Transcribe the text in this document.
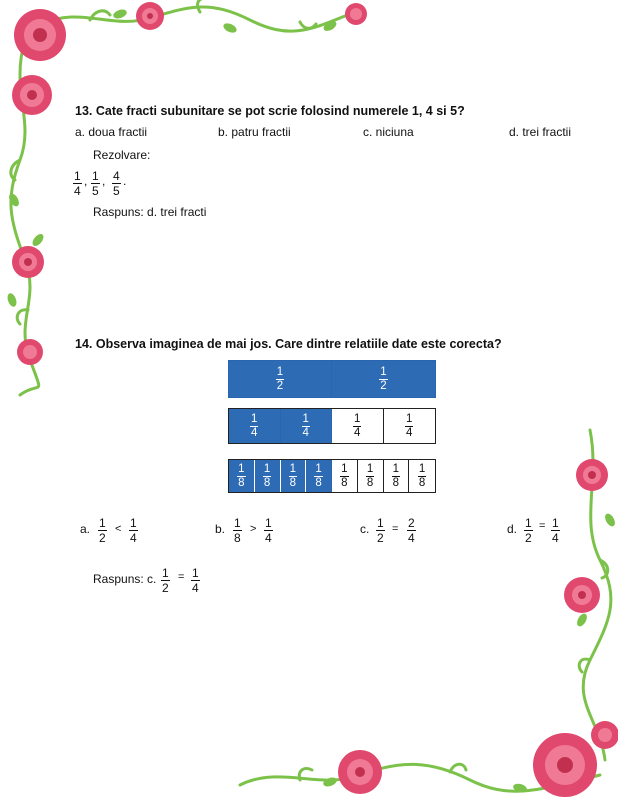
13. Cate fracti subunitare se pot scrie folosind numerele 1, 4 si 5?
a. doua fractii	b. patru fractii	c. niciuna	d. trei fractii
Rezolvare:
$\frac{1}{4}$ , $\frac{1}{5}$ , $\frac{4}{5}$ .
Raspuns: d. trei fracti
14. Observa imaginea de mai jos. Care dintre relatiile date este corecta?
$\frac{1}{2}$	$\frac{1}{2}$
$\frac{1}{4}$	$\frac{1}{4}$	$\frac{1}{4}$	$\frac{1}{4}$
$\frac{1}{8} \frac{1}{8} \frac{1}{8} \frac{1}{8} \frac{1}{8} \frac{1}{8} \frac{1}{8} \frac{1}{8}$
a. $\frac{1}{2} < \frac{1}{4}$	b. $\frac{1}{8} > \frac{1}{4}$	c. $\frac{1}{2} = \frac{2}{4}$	d. $\frac{1}{2} = \frac{1}{4}$
Raspuns: c. $\frac{1}{2} = \frac{1}{4}$
